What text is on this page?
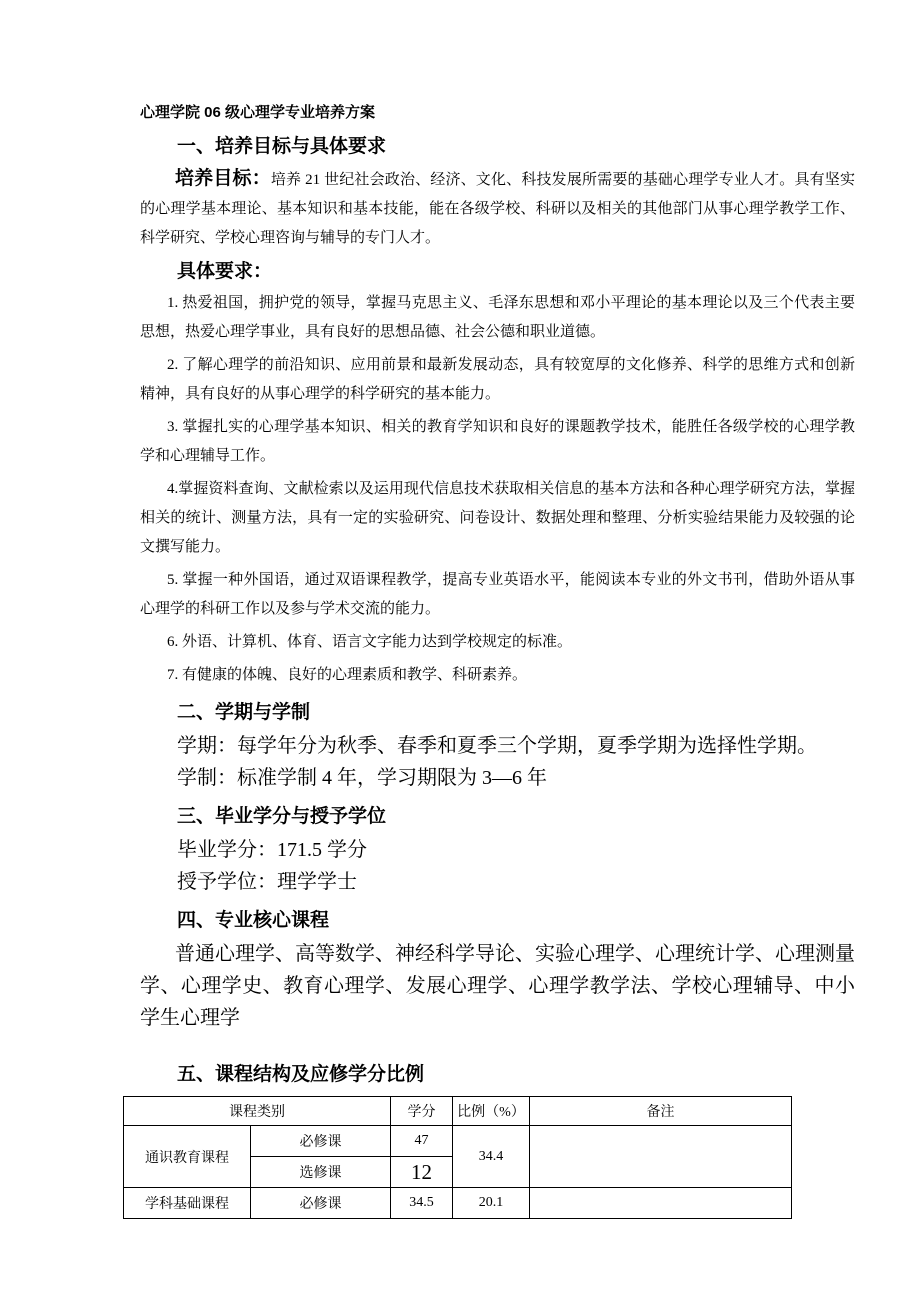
心理学院 06 级心理学专业培养方案
一、培养目标与具体要求

培养目标：培养 21 世纪社会政治、经济、文化、科技发展所需要的基础心理学专业人才。具有坚实的心理学基本理论、基本知识和基本技能，能在各级学校、科研以及相关的其他部门从事心理学教学工作、科学研究、学校心理咨询与辅导的专门人才。

具体要求：

1. 热爱祖国，拥护党的领导，掌握马克思主义、毛泽东思想和邓小平理论的基本理论以及三个代表主要思想，热爱心理学事业，具有良好的思想品德、社会公德和职业道德。

2. 了解心理学的前沿知识、应用前景和最新发展动态，具有较宽厚的文化修养、科学的思维方式和创新精神，具有良好的从事心理学的科学研究的基本能力。

3. 掌握扎实的心理学基本知识、相关的教育学知识和良好的课题教学技术，能胜任各级学校的心理学教学和心理辅导工作。

4.掌握资料查询、文献检索以及运用现代信息技术获取相关信息的基本方法和各种心理学研究方法，掌握相关的统计、测量方法，具有一定的实验研究、问卷设计、数据处理和整理、分析实验结果能力及较强的论文撰写能力。

5. 掌握一种外国语，通过双语课程教学，提高专业英语水平，能阅读本专业的外文书刊，借助外语从事心理学的科研工作以及参与学术交流的能力。

6. 外语、计算机、体育、语言文字能力达到学校规定的标准。

7. 有健康的体魄、良好的心理素质和教学、科研素养。

二、学期与学制

学期：每学年分为秋季、春季和夏季三个学期，夏季学期为选择性学期。

学制：标准学制 4 年，学习期限为 3—6 年

三、毕业学分与授予学位

毕业学分：171.5 学分

授予学位：理学学士

四、专业核心课程

普通心理学、高等数学、神经科学导论、实验心理学、心理统计学、心理测量学、心理学史、教育心理学、发展心理学、心理学教学法、学校心理辅导、中小学生心理学

五、课程结构及应修学分比例
课程类别		学分	比例（%）	备注
通识教育课程	必修课	47	34.4	
	选修课	12		
学科基础课程	必修课	34.5	20.1	
